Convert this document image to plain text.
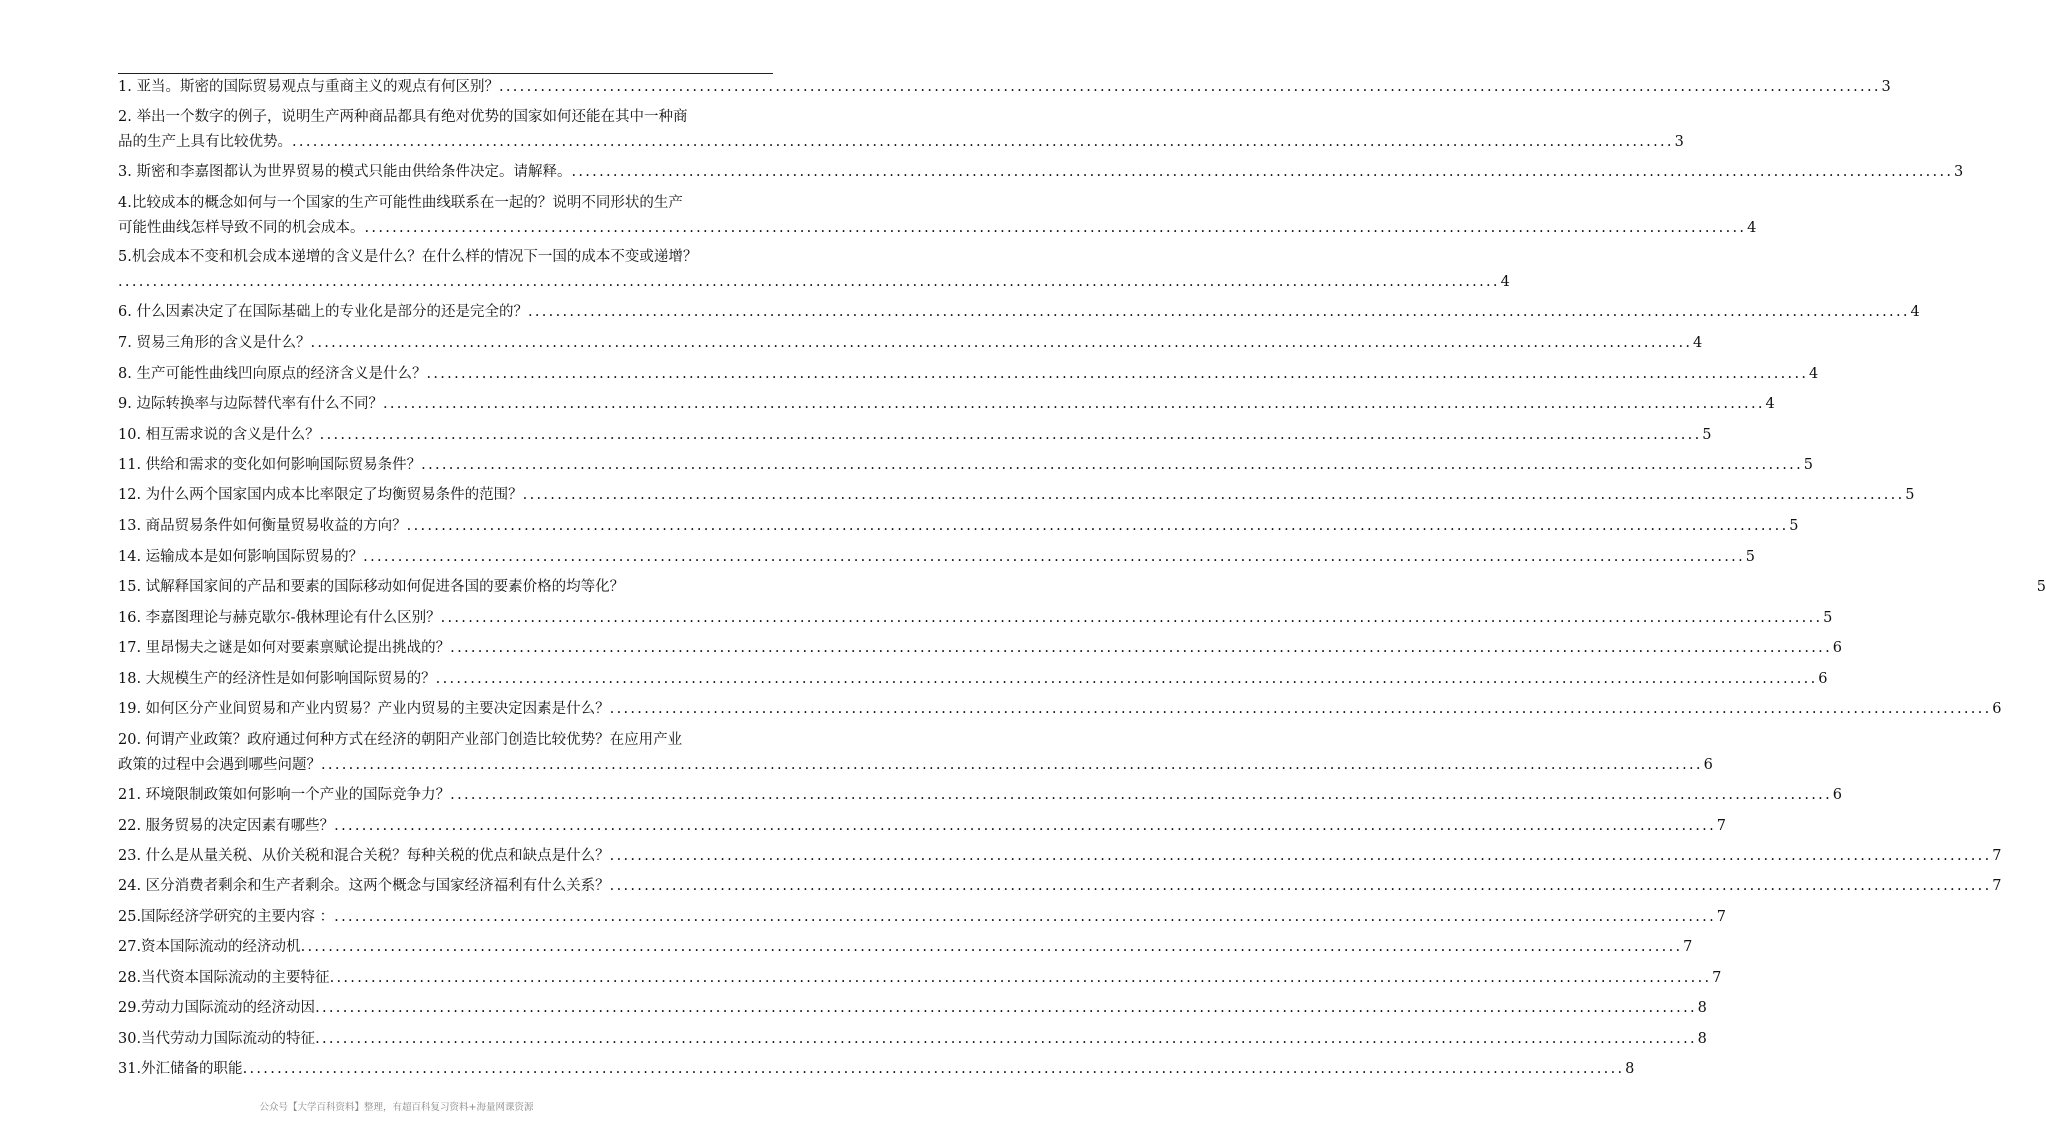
1. 亚当。斯密的国际贸易观点与重商主义的观点有何区别？ ........................................................................................................................................................................................................ 3
2. 举出一个数字的例子，说明生产两种商品都具有绝对优势的国家如何还能在其中一种商
品的生产上具有比较优势。 ........................................................................................................................................................................................................ 3
3. 斯密和李嘉图都认为世界贸易的模式只能由供给条件决定。请解释。 ........................................................................................................................................................................................................ 3
4.比较成本的概念如何与一个国家的生产可能性曲线联系在一起的？说明不同形状的生产
可能性曲线怎样导致不同的机会成本。 ........................................................................................................................................................................................................ 4
5.机会成本不变和机会成本递增的含义是什么？在什么样的情况下一国的成本不变或递增？
........................................................................................................................................................................................................ 4
6. 什么因素决定了在国际基础上的专业化是部分的还是完全的？ ........................................................................................................................................................................................................ 4
7. 贸易三角形的含义是什么？ ........................................................................................................................................................................................................ 4
8. 生产可能性曲线凹向原点的经济含义是什么？ ........................................................................................................................................................................................................ 4
9. 边际转换率与边际替代率有什么不同？ ........................................................................................................................................................................................................ 4
10. 相互需求说的含义是什么？ ........................................................................................................................................................................................................ 5
11. 供给和需求的变化如何影响国际贸易条件？ ........................................................................................................................................................................................................ 5
12. 为什么两个国家国内成本比率限定了均衡贸易条件的范围？ ........................................................................................................................................................................................................ 5
13. 商品贸易条件如何衡量贸易收益的方向？ ........................................................................................................................................................................................................ 5
14. 运输成本是如何影响国际贸易的？ ........................................................................................................................................................................................................ 5
15. 试解释国家间的产品和要素的国际移动如何促进各国的要素价格的均等化？	5
16. 李嘉图理论与赫克歇尔-俄林理论有什么区别？ ........................................................................................................................................................................................................ 5
17. 里昂惕夫之谜是如何对要素禀赋论提出挑战的？ ........................................................................................................................................................................................................ 6
18. 大规模生产的经济性是如何影响国际贸易的？ ........................................................................................................................................................................................................ 6
19. 如何区分产业间贸易和产业内贸易？产业内贸易的主要决定因素是什么？ ........................................................................................................................................................................................................ 6
20. 何谓产业政策？政府通过何种方式在经济的朝阳产业部门创造比较优势？在应用产业
政策的过程中会遇到哪些问题？ ........................................................................................................................................................................................................ 6
21. 环境限制政策如何影响一个产业的国际竞争力？ ........................................................................................................................................................................................................ 6
22. 服务贸易的决定因素有哪些？ ........................................................................................................................................................................................................ 7
23. 什么是从量关税、从价关税和混合关税？每种关税的优点和缺点是什么？ ........................................................................................................................................................................................................ 7
24. 区分消费者剩余和生产者剩余。这两个概念与国家经济福利有什么关系？ ........................................................................................................................................................................................................ 7
25.国际经济学研究的主要内容 ： ........................................................................................................................................................................................................ 7
27.资本国际流动的经济动机 ........................................................................................................................................................................................................ 7
28.当代资本国际流动的主要特征 ........................................................................................................................................................................................................ 7
29.劳动力国际流动的经济动因 ........................................................................................................................................................................................................ 8
30.当代劳动力国际流动的特征 ........................................................................................................................................................................................................ 8
31.外汇储备的职能 ........................................................................................................................................................................................................ 8
公众号【大学百科资料】整理，有超百科复习资料+海量网课资源
